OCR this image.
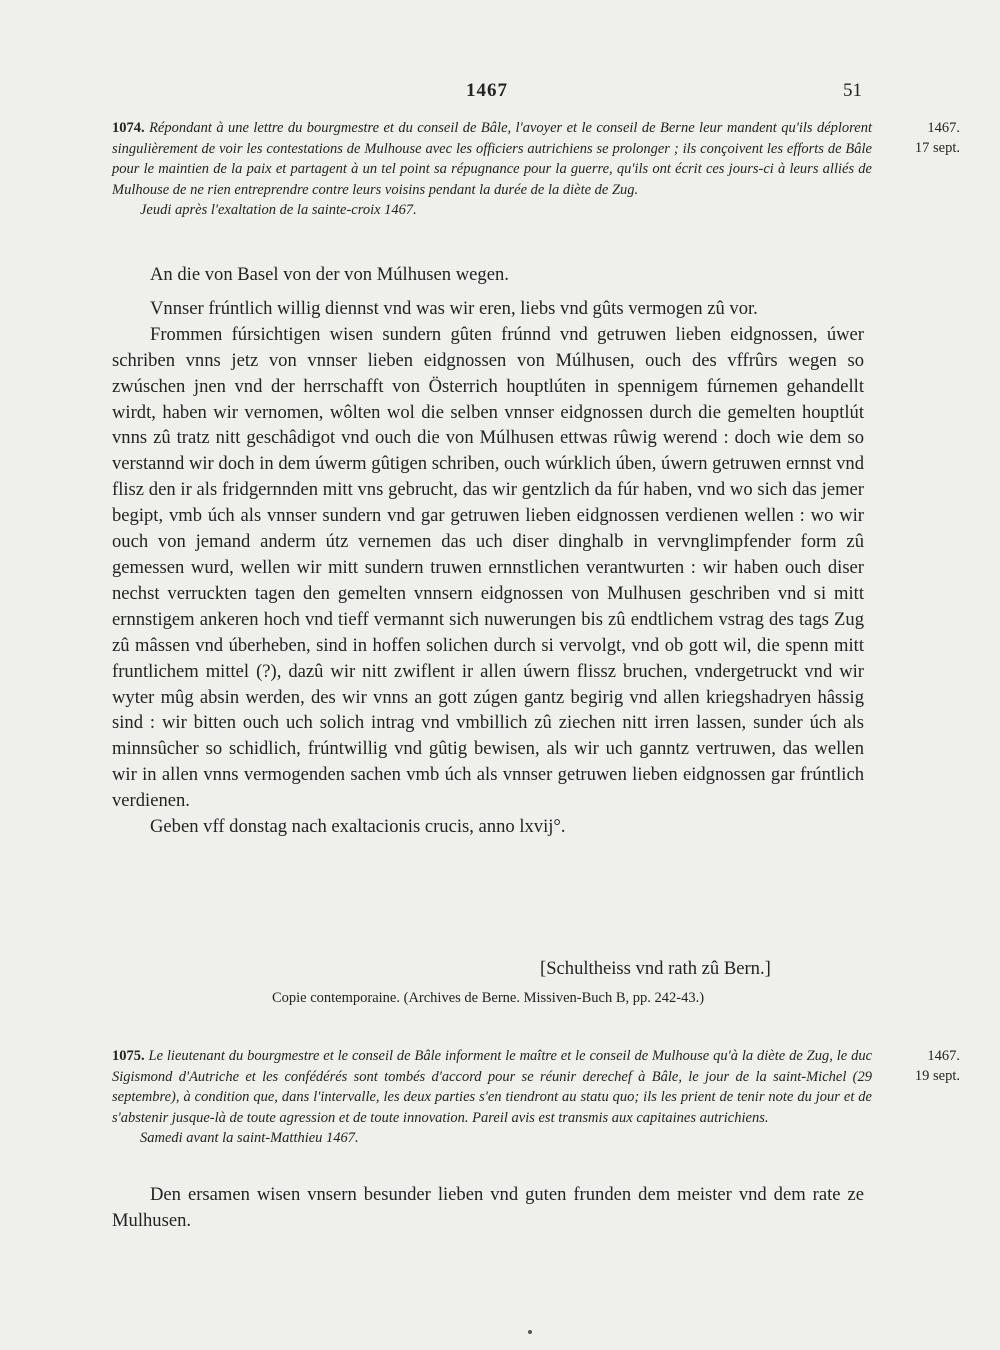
1467	51
1467.
17 sept.
1074. Répondant à une lettre du bourgmestre et du conseil de Bâle, l'avoyer et le conseil de Berne leur mandent qu'ils déplorent singulièrement de voir les contestations de Mulhouse avec les officiers autrichiens se prolonger ; ils conçoivent les efforts de Bâle pour le maintien de la paix et partagent à un tel point sa répugnance pour la guerre, qu'ils ont écrit ces jours-ci à leurs alliés de Mulhouse de ne rien entreprendre contre leurs voisins pendant la durée de la diète de Zug.
Jeudi après l'exaltation de la sainte-croix 1467.

An die von Basel von der von Múlhusen wegen.

Vnnser frúntlich willig diennst vnd was wir eren, liebs vnd gûts vermogen zû vor.

Frommen fúrsichtigen wisen sundern gûten frúnnd vnd getruwen lieben eidgnossen, úwer schriben vnns jetz von vnnser lieben eidgnossen von Múlhusen, ouch des vffrûrs wegen so zwúschen jnen vnd der herrschafft von Österrich houptlúten in spennigem fúrnemen gehandellt wirdt, haben wir vernomen, wôlten wol die selben vnnser eidgnossen durch die gemelten houptlút vnns zû tratz nitt geschâdigot vnd ouch die von Múlhusen ettwas rûwig werend : doch wie dem so verstannd wir doch in dem úwerm gûtigen schriben, ouch wúrklich úben, úwern getruwen ernnst vnd flisz den ir als fridgernnden mitt vns gebrucht, das wir gentzlich da fúr haben, vnd wo sich das jemer begipt, vmb úch als vnnser sundern vnd gar getruwen lieben eidgnossen verdienen wellen : wo wir ouch von jemand anderm útz vernemen das uch diser dinghalb in vervnglimpfender form zû gemessen wurd, wellen wir mitt sundern truwen ernnstlichen verantwurten : wir haben ouch diser nechst verruckten tagen den gemelten vnnsern eidgnossen von Mulhusen geschriben vnd si mitt ernnstigem ankeren hoch vnd tieff vermannt sich nuwerungen bis zû endtlichem vstrag des tags Zug zû mâssen vnd úberheben, sind in hoffen solichen durch si vervolgt, vnd ob gott wil, die spenn mitt fruntlichem mittel (?), dazû wir nitt zwiflent ir allen úwern flissz bruchen, vndergetruckt vnd wir wyter mûg absin werden, des wir vnns an gott zúgen gantz begirig vnd allen kriegshadryen hâssig sind : wir bitten ouch uch solich intrag vnd vmbillich zû ziechen nitt irren lassen, sunder úch als minnsûcher so schidlich, frúntwillig vnd gûtig bewisen, als wir uch ganntz vertruwen, das wellen wir in allen vnns vermogenden sachen vmb úch als vnnser getruwen lieben eidgnossen gar frúntlich verdienen.

Geben vff donstag nach exaltacionis crucis, anno lxvij°.

[Schultheiss vnd rath zû Bern.]
Copie contemporaine. (Archives de Berne. Missiven-Buch B, pp. 242-43.)
1467.
19 sept.
1075. Le lieutenant du bourgmestre et le conseil de Bâle informent le maître et le conseil de Mulhouse qu'à la diète de Zug, le duc Sigismond d'Autriche et les confédérés sont tombés d'accord pour se réunir derechef à Bâle, le jour de la saint-Michel (29 septembre), à condition que, dans l'intervalle, les deux parties s'en tiendront au statu quo; ils les prient de tenir note du jour et de s'abstenir jusque-là de toute agression et de toute innovation. Pareil avis est transmis aux capitaines autrichiens.
Samedi avant la saint-Matthieu 1467.

Den ersamen wisen vnsern besunder lieben vnd guten frunden dem meister vnd dem rate ze Mulhusen.
